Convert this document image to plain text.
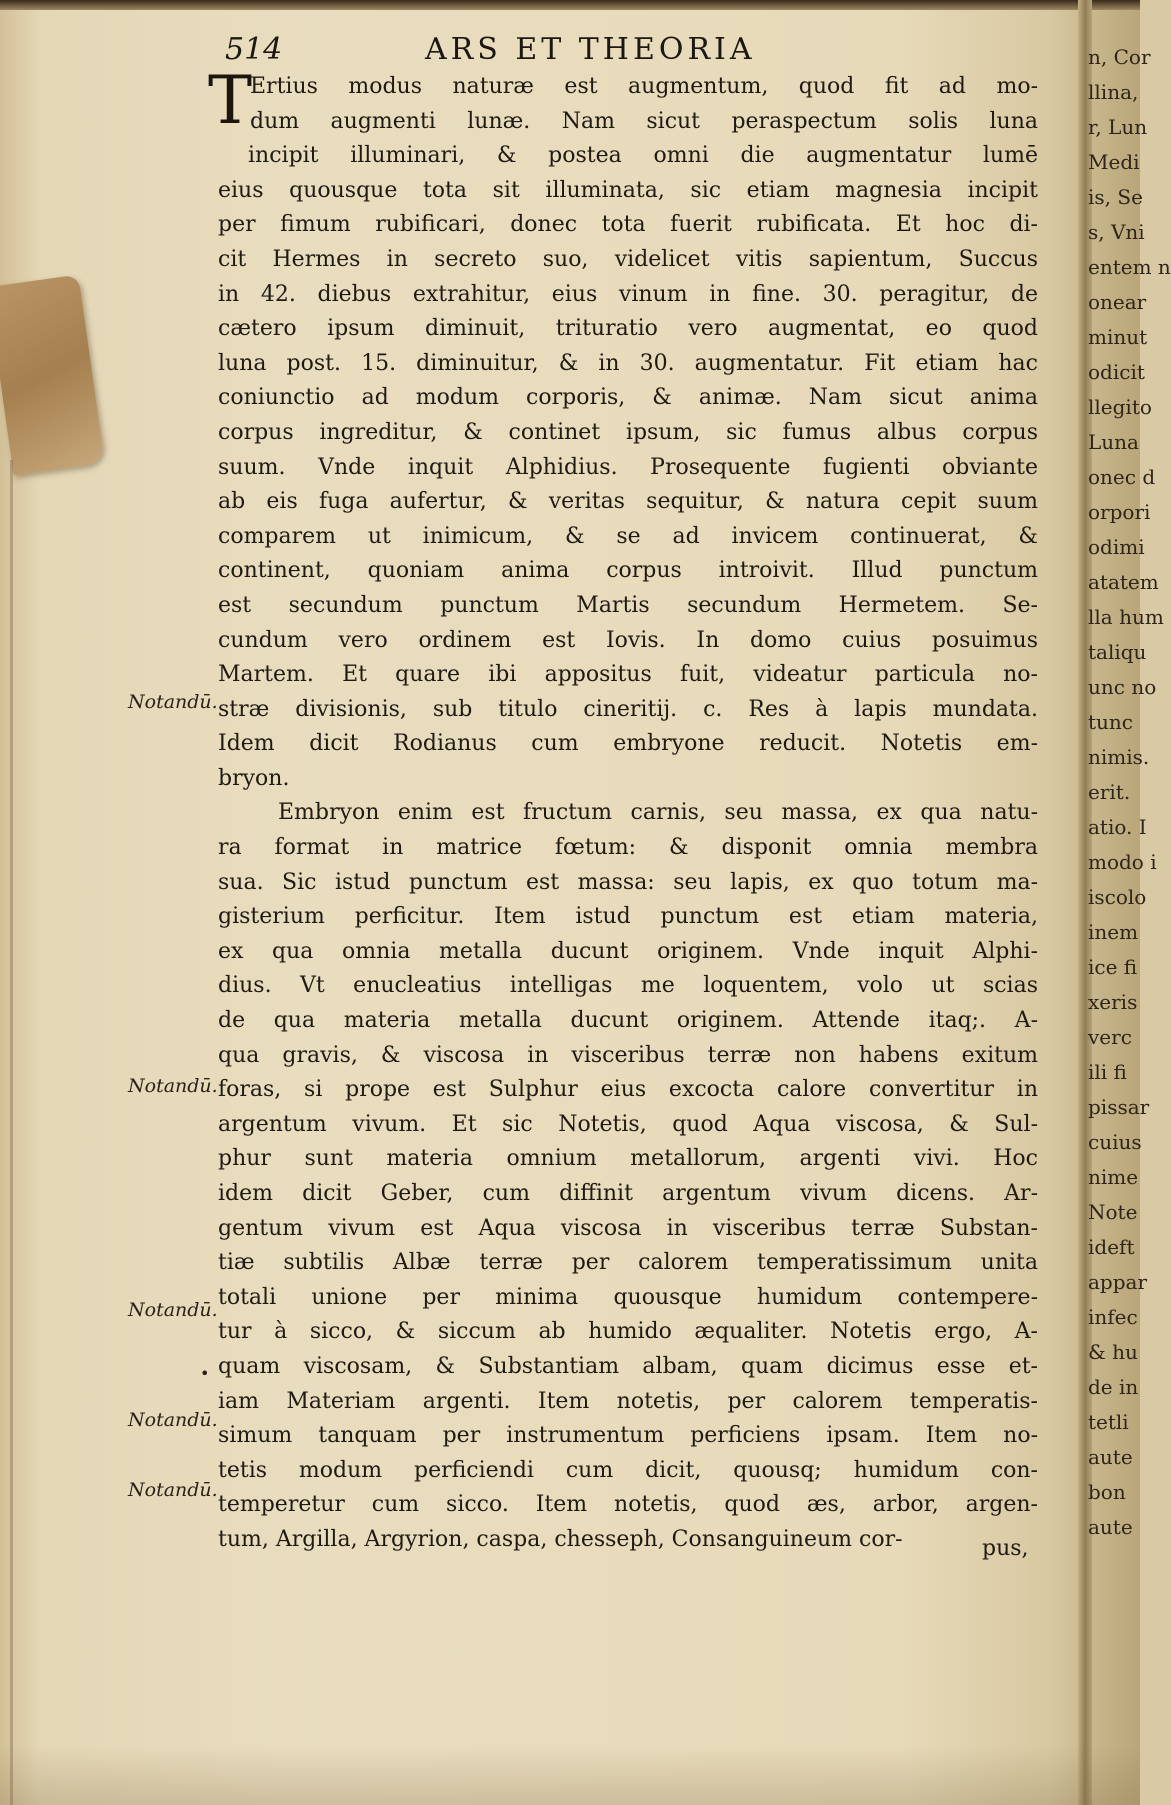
514	ARS ET THEORIA
T
Ertius modus naturæ est augmentum, quod fit ad mo-
dum augmenti lunæ. Nam sicut peraspectum solis luna
incipit illuminari, & postea omni die augmentatur lumē
eius quousque tota sit illuminata, sic etiam magnesia incipit
per fimum rubificari, donec tota fuerit rubificata. Et hoc di-
cit Hermes in secreto suo, videlicet vitis sapientum, Succus
in 42. diebus extrahitur, eius vinum in fine. 30. peragitur, de
cætero ipsum diminuit, trituratio vero augmentat, eo quod
luna post. 15. diminuitur, & in 30. augmentatur. Fit etiam hac
coniunctio ad modum corporis, & animæ. Nam sicut anima
corpus ingreditur, & continet ipsum, sic fumus albus corpus
suum. Vnde inquit Alphidius. Prosequente fugienti obviante
ab eis fuga aufertur, & veritas sequitur, & natura cepit suum
comparem ut inimicum, & se ad invicem continuerat, &
continent, quoniam anima corpus introivit. Illud punctum
est secundum punctum Martis secundum Hermetem. Se-
cundum vero ordinem est Iovis. In domo cuius posuimus
Martem. Et quare ibi appositus fuit, videatur particula no-
stræ divisionis, sub titulo cineritij. c. Res à lapis mundata.
Idem dicit Rodianus cum embryone reducit. Notetis em-
bryon.
Embryon enim est fructum carnis, seu massa, ex qua natu-
ra format in matrice fœtum: & disponit omnia membra
sua. Sic istud punctum est massa: seu lapis, ex quo totum ma-
gisterium perficitur. Item istud punctum est etiam materia,
ex qua omnia metalla ducunt originem. Vnde inquit Alphi-
dius. Vt enucleatius intelligas me loquentem, volo ut scias
de qua materia metalla ducunt originem. Attende itaq;. A-
qua gravis, & viscosa in visceribus terræ non habens exitum
foras, si prope est Sulphur eius excocta calore convertitur in
argentum vivum. Et sic Notetis, quod Aqua viscosa, & Sul-
phur sunt materia omnium metallorum, argenti vivi. Hoc
idem dicit Geber, cum diffinit argentum vivum dicens. Ar-
gentum vivum est Aqua viscosa in visceribus terræ Substan-
tiæ subtilis Albæ terræ per calorem temperatissimum unita
totali unione per minima quousque humidum contempere-
tur à sicco, & siccum ab humido æqualiter. Notetis ergo, A-
quam viscosam, & Substantiam albam, quam dicimus esse et-
iam Materiam argenti. Item notetis, per calorem temperatis-
simum tanquam per instrumentum perficiens ipsam. Item no-
tetis modum perficiendi cum dicit, quousq; humidum con-
temperetur cum sicco. Item notetis, quod æs, arbor, argen-
tum, Argilla, Argyrion, caspa, chesseph, Consanguineum cor-
Notandū.
Notandū.
Notandū.
•
Notandū.
Notandū.
pus,
n, Cor
llina,
r, Lun
Medi
is, Se
s, Vni
entem n
onear
minut
odicit
llegito
Luna
onec d
orpori
odimi
atatem
lla hum
taliqu
unc no
tunc
nimis.
erit.
atio. I
modo i
iscolo
inem
ice fi
xeris
verc
ili fi
pissar
cuius
nime
Note
ideft
appar
infec
& hu
de in
tetli
aute
bon
aute
